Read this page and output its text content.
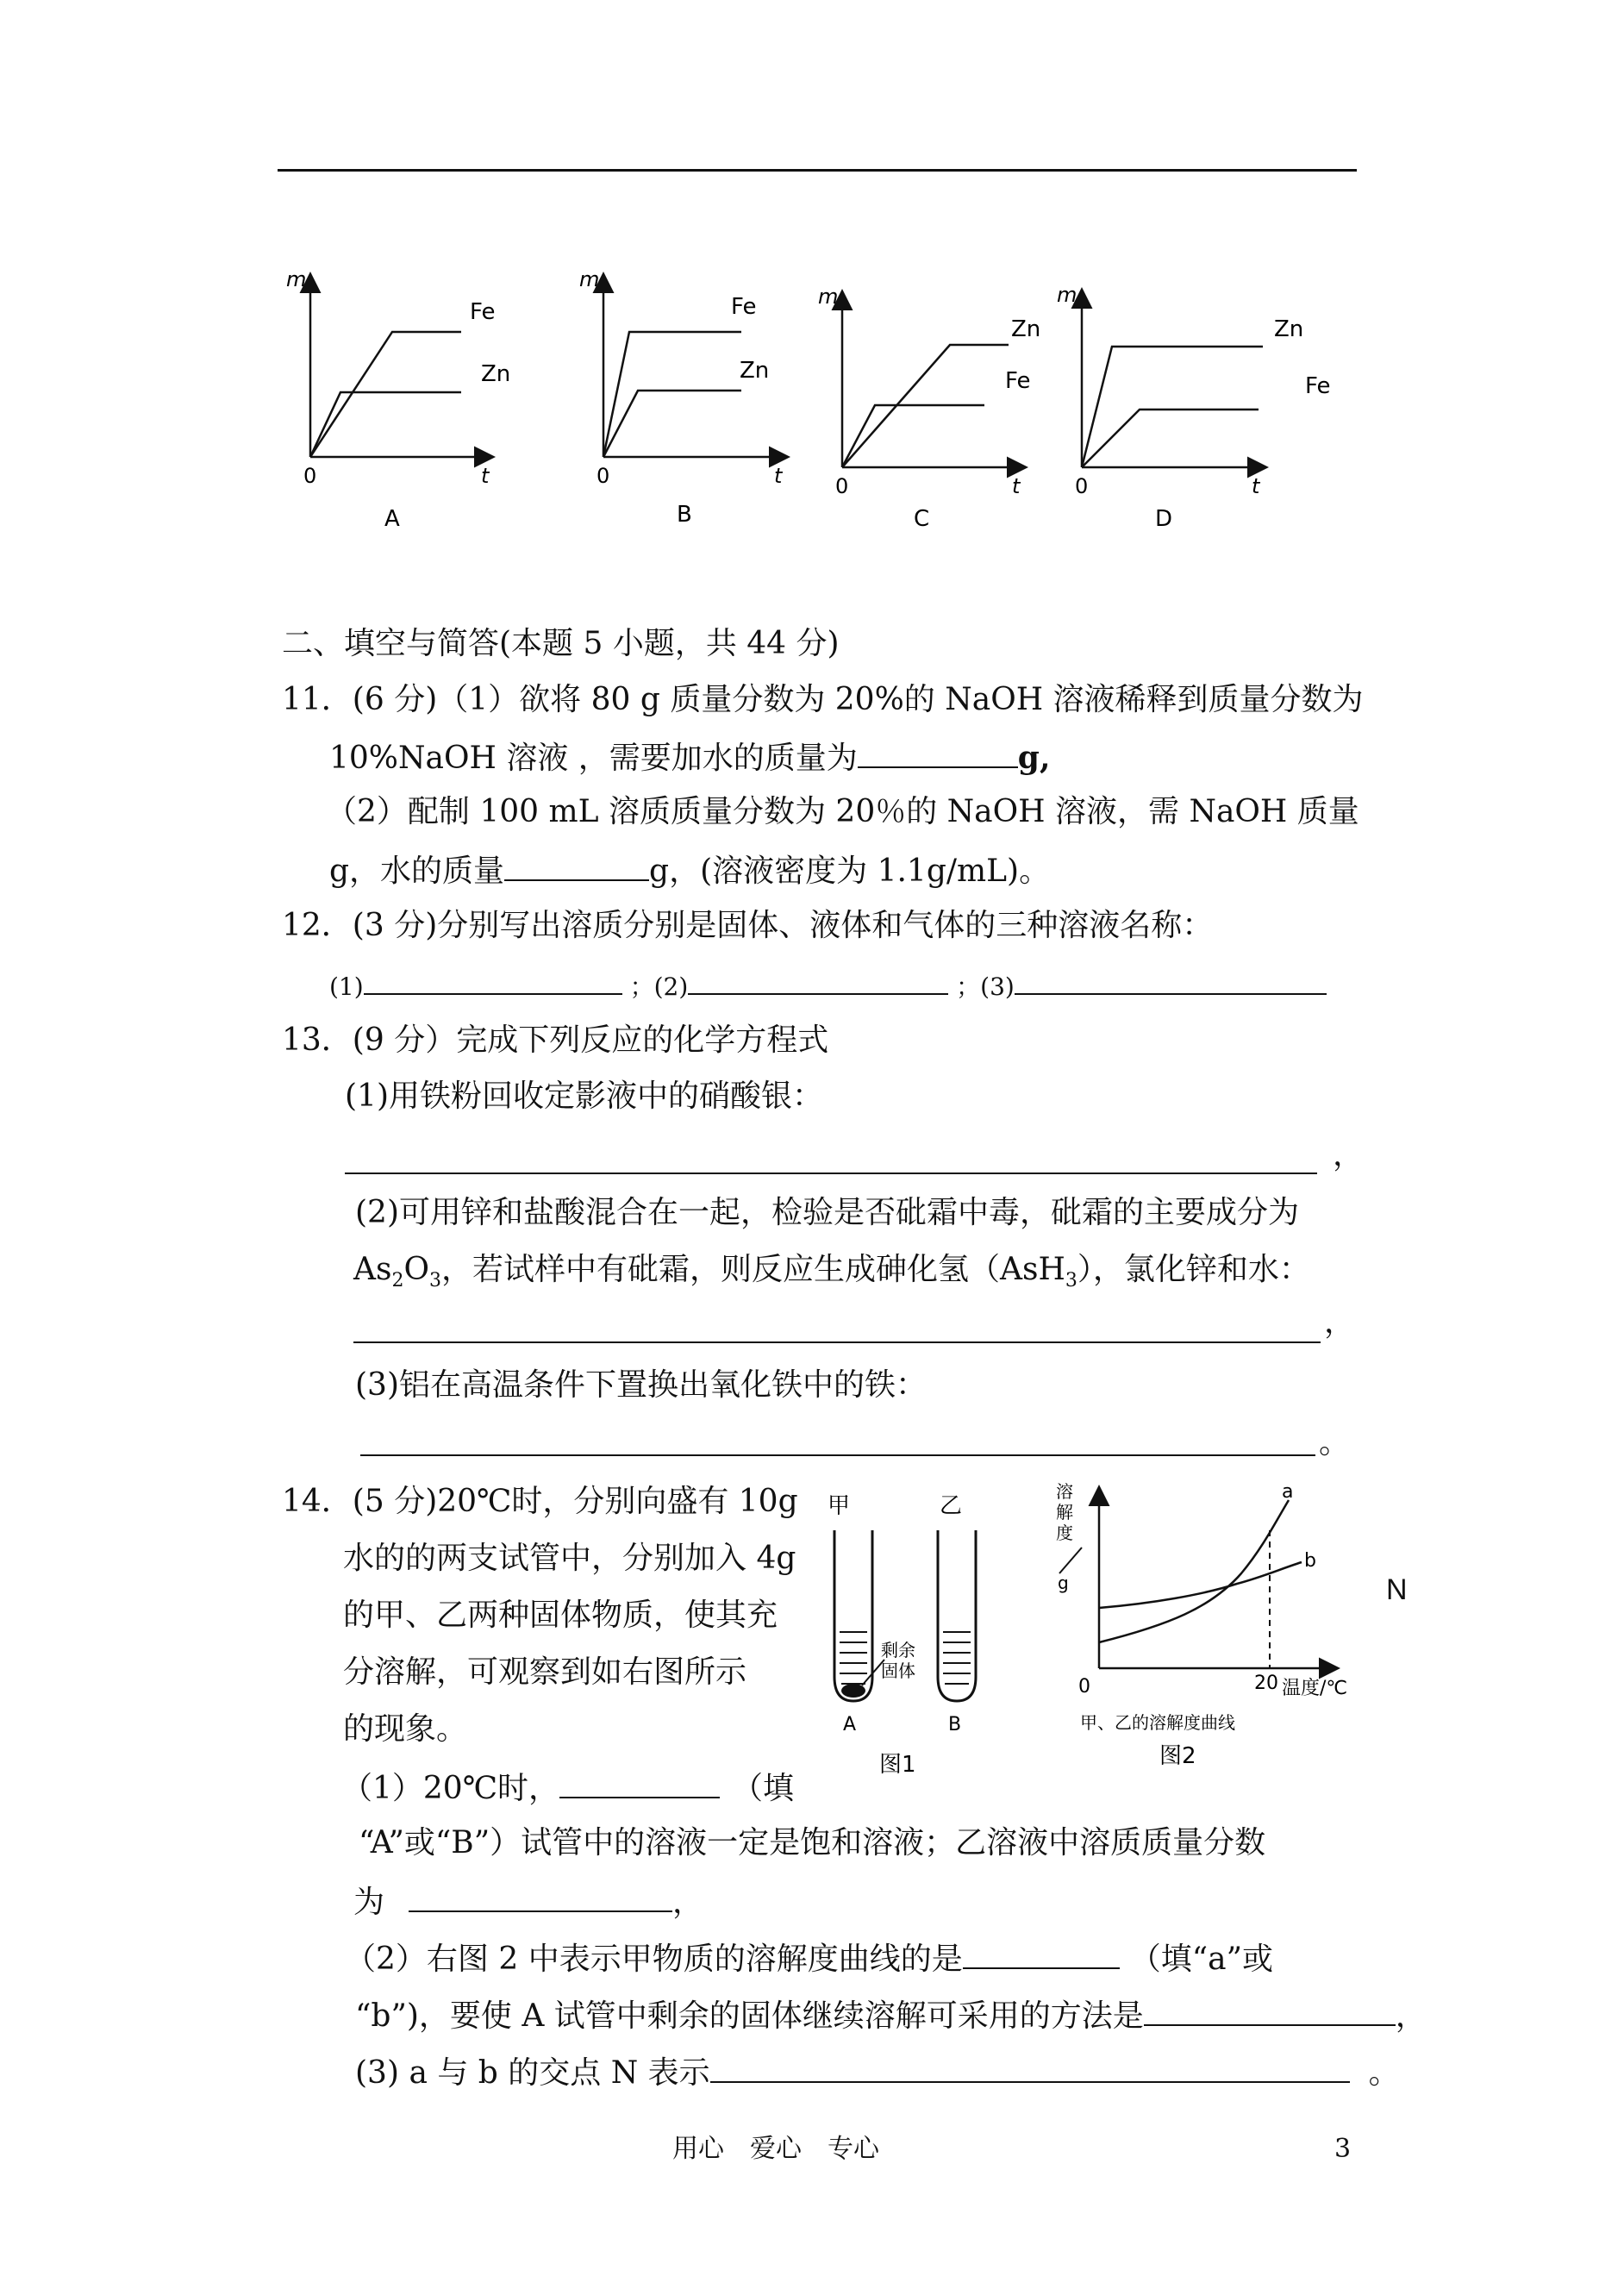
m
t
0
Fe
Zn
A
m
t
0
Fe
Zn
B
m
t
0
Zn
Fe
C
m
t
0
Zn
Fe
D
二、填空与简答(本题 5 小题，共 44 分)
11．(6 分)（1）欲将 80 g 质量分数为 20%的 NaOH 溶液稀释到质量分数为
10%NaOH 溶液 ，需要加水的质量为	g,
（2）配制 100 mL 溶质质量分数为 20％的 NaOH 溶液，需 NaOH 质量
g，水的质量	g，(溶液密度为 1.1g/mL)。
12．(3 分)分别写出溶质分别是固体、液体和气体的三种溶液名称：
(1)	；(2)	；(3)
13．(9 分）完成下列反应的化学方程式
(1)用铁粉回收定影液中的硝酸银：
，
(2)可用锌和盐酸混合在一起，检验是否砒霜中毒，砒霜的主要成分为
$As_2O_3$，若试样中有砒霜，则反应生成砷化氢（AsH$_3$），氯化锌和水：
，
(3)铝在高温条件下置换出氧化铁中的铁：
。
14．(5 分)20℃时，分别向盛有 10g
水的的两支试管中，分别加入 4g
的甲、乙两种固体物质，使其充
分溶解，可观察到如右图所示
的现象。
（1）20℃时，	（填
“A”或“B”）试管中的溶液一定是饱和溶液；乙溶液中溶质质量分数
为	，
（2）右图 2 中表示甲物质的溶解度曲线的是	（填“a”或
“b”)，要使 A 试管中剩余的固体继续溶解可采用的方法是	，
(3) a 与 b 的交点 N 表示	。
甲	乙
剩余
固体
A	B
图1
溶
解
度
g
a
b
0	20 温度/℃
甲、乙的溶解度曲线
图2
N
用心　爱心　专心	3
